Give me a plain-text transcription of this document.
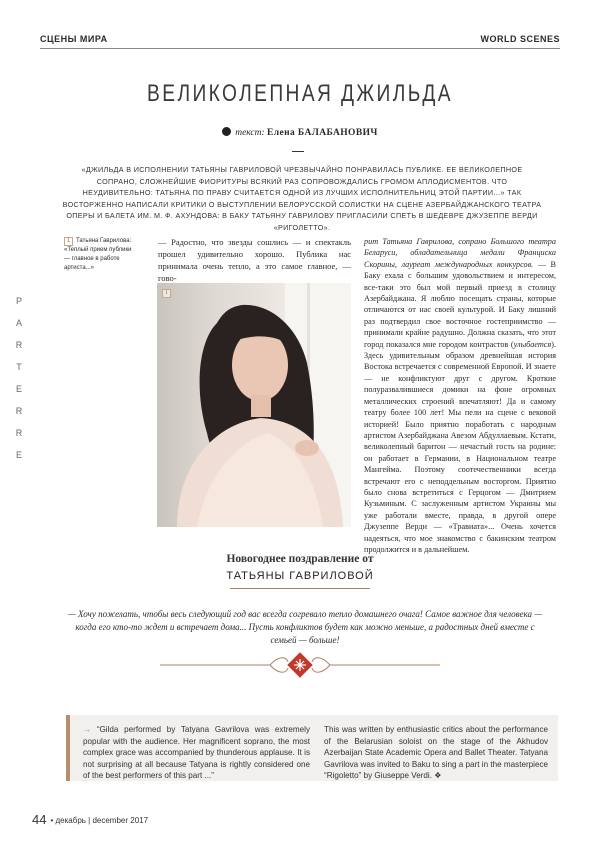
СЦЕНЫ МИРА	WORLD SCENES
P
A
R
T
E
R
R
E
ВЕЛИКОЛЕПНАЯ ДЖИЛЬДА
текст: Елена БАЛАБАНОВИЧ
«ДЖИЛЬДА В ИСПОЛНЕНИИ ТАТЬЯНЫ ГАВРИЛОВОЙ ЧРЕЗВЫЧАЙНО ПОНРАВИЛАСЬ ПУБЛИКЕ. ЕЕ ВЕЛИКОЛЕПНОЕ СОПРАНО, СЛОЖНЕЙШИЕ ФИОРИТУРЫ ВСЯКИЙ РАЗ СОПРОВОЖДАЛИСЬ ГРОМОМ АПЛОДИСМЕНТОВ. ЧТО НЕУДИВИТЕЛЬНО: ТАТЬЯНА ПО ПРАВУ СЧИТАЕТСЯ ОДНОЙ ИЗ ЛУЧШИХ ИСПОЛНИТЕЛЬНИЦ ЭТОЙ ПАРТИИ...» ТАК ВОСТОРЖЕННО НАПИСАЛИ КРИТИКИ О ВЫСТУПЛЕНИИ БЕЛОРУССКОЙ СОЛИСТКИ НА СЦЕНЕ АЗЕРБАЙДЖАНСКОГО ТЕАТРА ОПЕРЫ И БАЛЕТА ИМ. М. Ф. АХУНДОВА: В БАКУ ТАТЬЯНУ ГАВРИЛОВУ ПРИГЛАСИЛИ СПЕТЬ В ШЕДЕВРЕ ДЖУЗЕППЕ ВЕРДИ «РИГОЛЕТТО».
1 Татьяна Гаврилова: «Теплый прием публики — главное в работе артиста...»
— Радостно, что звезды сошлись — и спектакль прошел удивительно хорошо. Публика нас принимала очень тепло, а это самое главное, — гово-
1
рит Татьяна Гаврилова, сопрано Большого театра Беларуси, обладательница медали Франциска Скорины, лауреат международных конкурсов. — В Баку ехала с большим удовольствием и интересом, все-таки это был мой первый приезд в столицу Азербайджана. Я люблю посещать страны, которые отличаются от нас своей культурой. И Баку лишний раз подтвердил свое восточное гостеприимство — принимали крайне радушно. Должна сказать, что этот город показался мне городом контрастов (улыбается). Здесь удивительным образом древнейшая история Востока встречается с современной Европой. И знаете — не конфликтуют друг с другом. Кроткие полуразвалившиеся домики на фоне огромных металлических строений впечатляют! Да и самому театру более 100 лет! Мы пели на сцене с вековой историей! Было приятно поработать с народным артистом Азербайджана Авезом Абдуллаевым. Кстати, великолепный баритон — нечастый гость на родине: он работает в Германии, в Национальном театре Мангейма. Поэтому соотечественники всегда встречают его с неподдельным восторгом. Приятно было снова встретиться с Герцогом — Дмитрием Кузьминым. С заслуженным артистом Украины мы уже работали вместе, правда, в другой опере Джузеппе Верди — «Травиата»... Очень хочется надеяться, что мое знакомство с бакинским театром продолжится и в дальнейшем.
Новогоднее поздравление от
ТАТЬЯНЫ ГАВРИЛОВОЙ
— Хочу пожелать, чтобы весь следующий год вас всегда согревало тепло домашнего очага! Самое важное для человека — когда его кто-то ждет и встречает дома... Пусть конфликтов будет как можно меньше, а радостных дней вместе с семьей — больше!
→ “Gilda performed by Tatyana Gavrilova was extremely popular with the audience. Her magnificent soprano, the most complex grace was accompanied by thunderous applause. It is not surprising at all because Tatyana is rightly considered one of the best performers of this part ...”
This was written by enthusiastic critics about the performance of the Belarusian soloist on the stage of the Akhudov Azerbaijan State Academic Opera and Ballet Theater. Tatyana Gavrilova was invited to Baku to sing a part in the masterpiece “Rigoletto” by Giuseppe Verdi. ❖
44 • декабрь | december 2017
